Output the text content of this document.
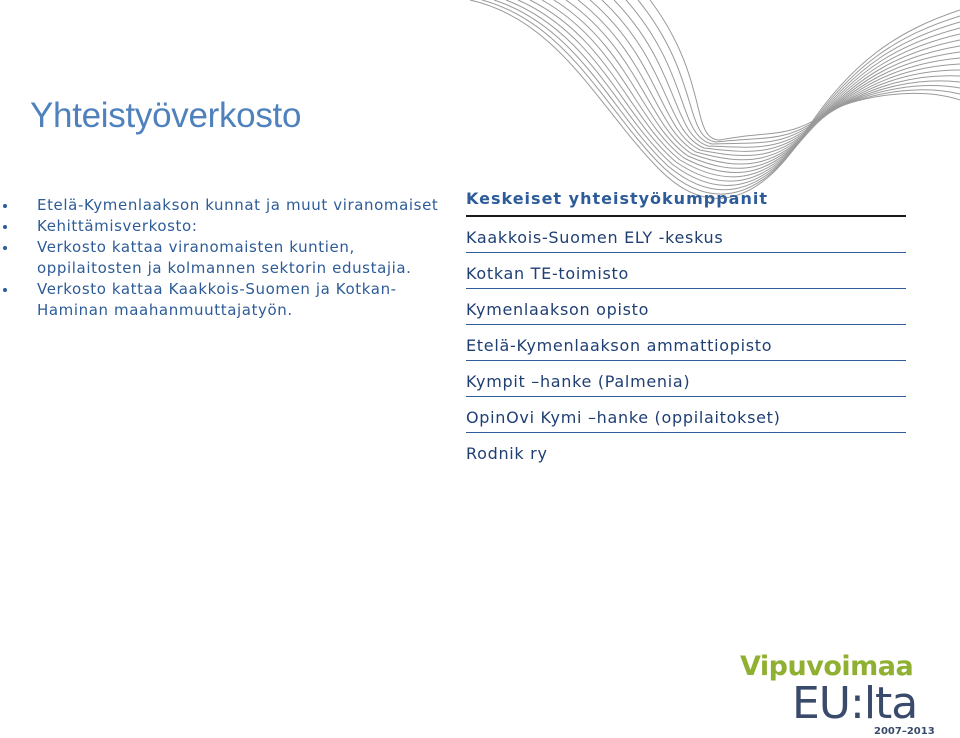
Yhteistyöverkosto
Etelä-Kymenlaakson kunnat ja muut viranomaiset
Kehittämisverkosto:
Verkosto kattaa viranomaisten kuntien, oppilaitosten ja kolmannen sektorin edustajia.
Verkosto kattaa Kaakkois-Suomen ja Kotkan-Haminan maahanmuuttajatyön.
Keskeiset yhteistyökumppanit
Kaakkois-Suomen ELY -keskus
Kotkan TE-toimisto
Kymenlaakson opisto
Etelä-Kymenlaakson ammattiopisto
Kympit –hanke (Palmenia)
OpinOvi Kymi –hanke (oppilaitokset)
Rodnik ry
Vipuvoimaa
EU:lta
2007–2013
